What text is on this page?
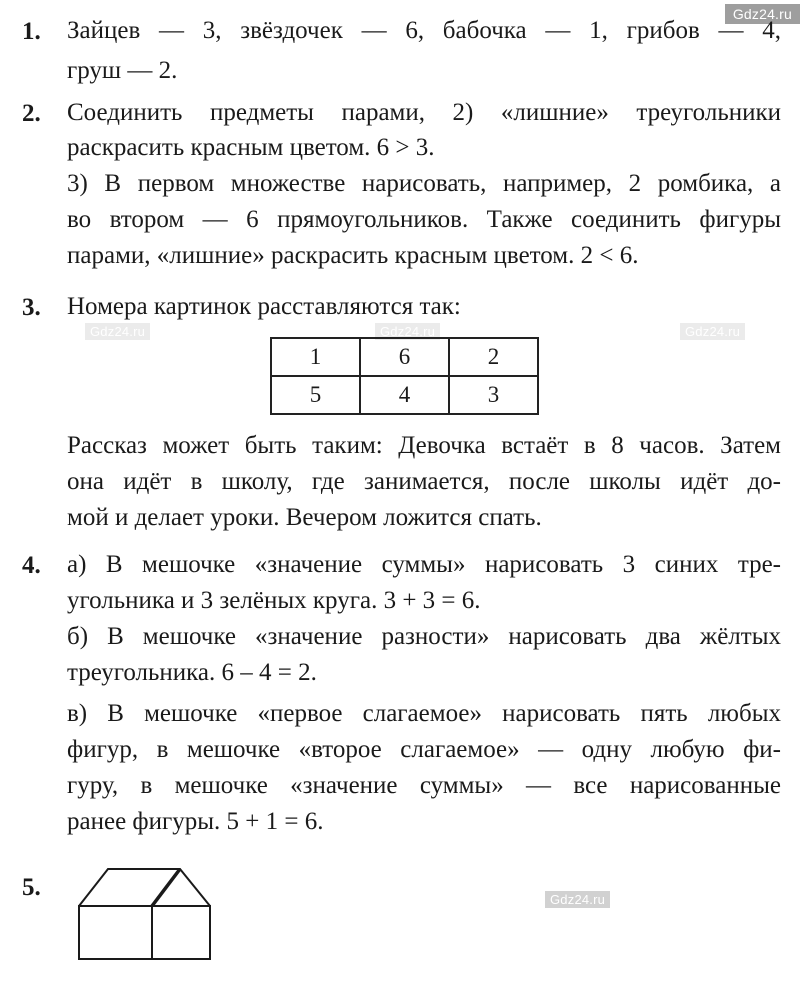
Gdz24.ru
Gdz24.ru	Gdz24.ru	Gdz24.ru
Gdz24.ru
1. Зайцев — 3, звёздочек — 6, бабочка — 1, грибов — 4,
груш — 2.
2. Соединить предметы парами, 2) «лишние» треугольники
раскрасить красным цветом. 6 > 3.
3) В первом множестве нарисовать, например, 2 ромбика, а
во втором — 6 прямоугольников. Также соединить фигуры
парами, «лишние» раскрасить красным цветом. 2 < 6.
3. Номера картинок расставляются так:
1	6	2
5	4	3
Рассказ может быть таким: Девочка встаёт в 8 часов. Затем
она идёт в школу, где занимается, после школы идёт до-
мой и делает уроки. Вечером ложится спать.
4. а) В мешочке «значение суммы» нарисовать 3 синих тре-
угольника и 3 зелёных круга. 3 + 3 = 6.
б) В мешочке «значение разности» нарисовать два жёлтых
треугольника. 6 – 4 = 2.
в) В мешочке «первое слагаемое» нарисовать пять любых
фигур, в мешочке «второе слагаемое» — одну любую фи-
гуру, в мешочке «значение суммы» — все нарисованные
ранее фигуры. 5 + 1 = 6.
5.
